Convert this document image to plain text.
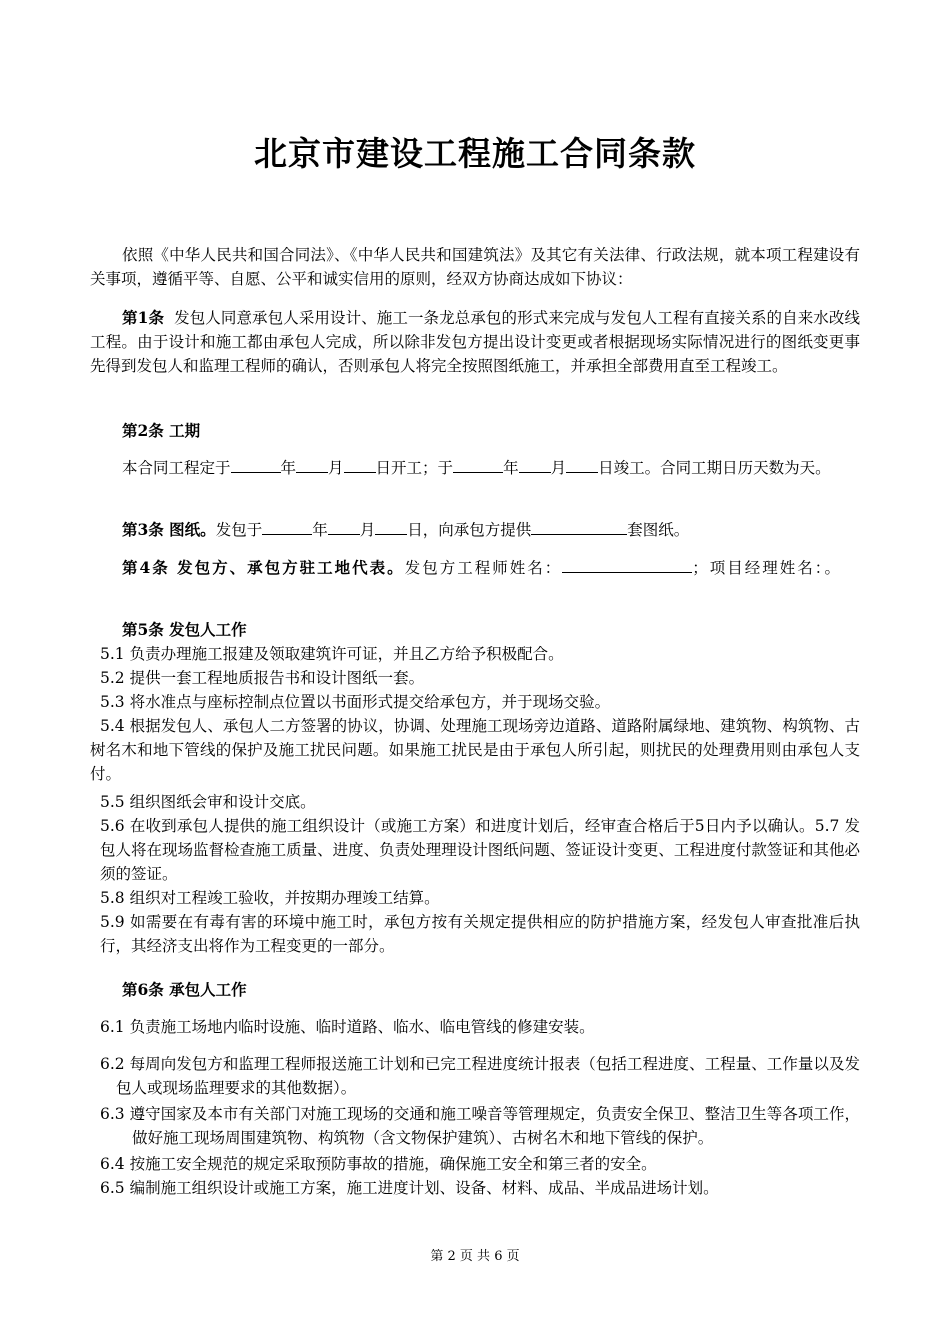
北京市建设工程施工合同条款
依照《中华人民共和国合同法》、《中华人民共和国建筑法》及其它有关法律、行政法规，就本项工程建设有关事项，遵循平等、自愿、公平和诚实信用的原则，经双方协商达成如下协议：
第1条 发包人同意承包人采用设计、施工一条龙总承包的形式来完成与发包人工程有直接关系的自来水改线工程。由于设计和施工都由承包人完成，所以除非发包方提出设计变更或者根据现场实际情况进行的图纸变更事先得到发包人和监理工程师的确认，否则承包人将完全按照图纸施工，并承担全部费用直至工程竣工。
第2条 工期
本合同工程定于	年 月 日开工；于	年 月 日竣工。合同工期日历天数为天。
第3条 图纸。发包于	年 月 日，向承包方提供	套图纸。
第4条 发包方、承包方驻工地代表。发包方工程师姓名：	；项目经理姓名：。
第5条 发包人工作
5.1 负责办理施工报建及领取建筑许可证，并且乙方给予积极配合。
5.2 提供一套工程地质报告书和设计图纸一套。
5.3 将水准点与座标控制点位置以书面形式提交给承包方，并于现场交验。
5.4 根据发包人、承包人二方签署的协议，协调、处理施工现场旁边道路、道路附属绿地、建筑物、构筑物、古树名木和地下管线的保护及施工扰民问题。如果施工扰民是由于承包人所引起，则扰民的处理费用则由承包人支付。
5.5 组织图纸会审和设计交底。
5.6 在收到承包人提供的施工组织设计（或施工方案）和进度计划后，经审查合格后于5日内予以确认。5.7 发包人将在现场监督检查施工质量、进度、负责处理理设计图纸问题、签证设计变更、工程进度付款签证和其他必须的签证。
5.8 组织对工程竣工验收，并按期办理竣工结算。
5.9 如需要在有毒有害的环境中施工时，承包方按有关规定提供相应的防护措施方案，经发包人审查批准后执行，其经济支出将作为工程变更的一部分。
第6条 承包人工作
6.1 负责施工场地内临时设施、临时道路、临水、临电管线的修建安装。
6.2 每周向发包方和监理工程师报送施工计划和已完工程进度统计报表（包括工程进度、工程量、工作量以及发包人或现场监理要求的其他数据）。
6.3 遵守国家及本市有关部门对施工现场的交通和施工噪音等管理规定，负责安全保卫、整洁卫生等各项工作，做好施工现场周围建筑物、构筑物（含文物保护建筑）、古树名木和地下管线的保护。
6.4 按施工安全规范的规定采取预防事故的措施，确保施工安全和第三者的安全。
6.5 编制施工组织设计或施工方案，施工进度计划、设备、材料、成品、半成品进场计划。
第 2 页 共 6 页
